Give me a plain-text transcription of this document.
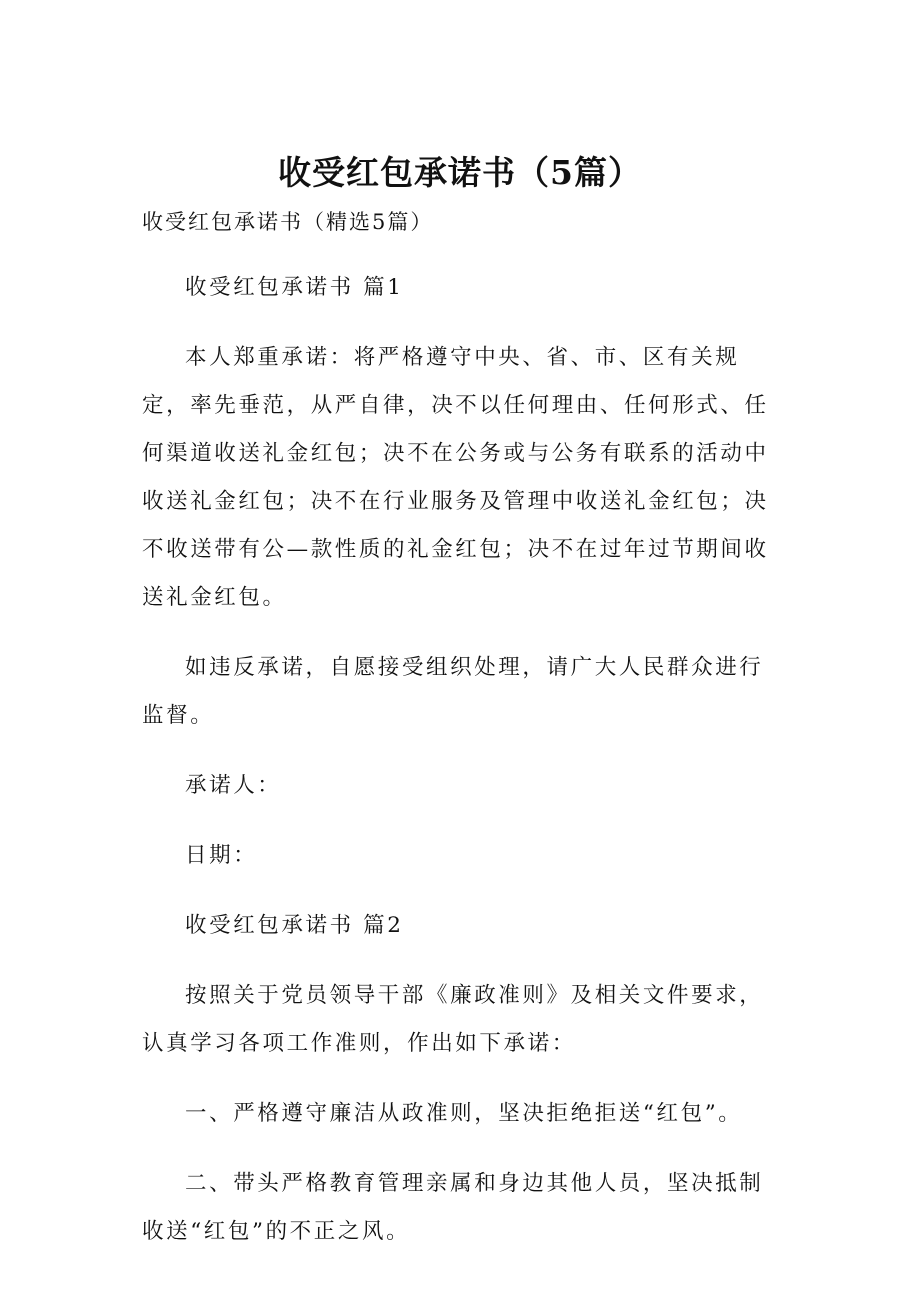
收受红包承诺书（5篇）
收受红包承诺书（精选5篇）

收受红包承诺书 篇1

本人郑重承诺：将严格遵守中央、省、市、区有关规定，率先垂范，从严自律，决不以任何理由、任何形式、任何渠道收送礼金红包；决不在公务或与公务有联系的活动中收送礼金红包；决不在行业服务及管理中收送礼金红包；决不收送带有公—款性质的礼金红包；决不在过年过节期间收送礼金红包。

如违反承诺，自愿接受组织处理，请广大人民群众进行监督。

承诺人：

日期：

收受红包承诺书 篇2

按照关于党员领导干部《廉政准则》及相关文件要求，认真学习各项工作准则，作出如下承诺：

一、严格遵守廉洁从政准则，坚决拒绝拒送“红包”。

二、带头严格教育管理亲属和身边其他人员，坚决抵制收送“红包”的不正之风。
